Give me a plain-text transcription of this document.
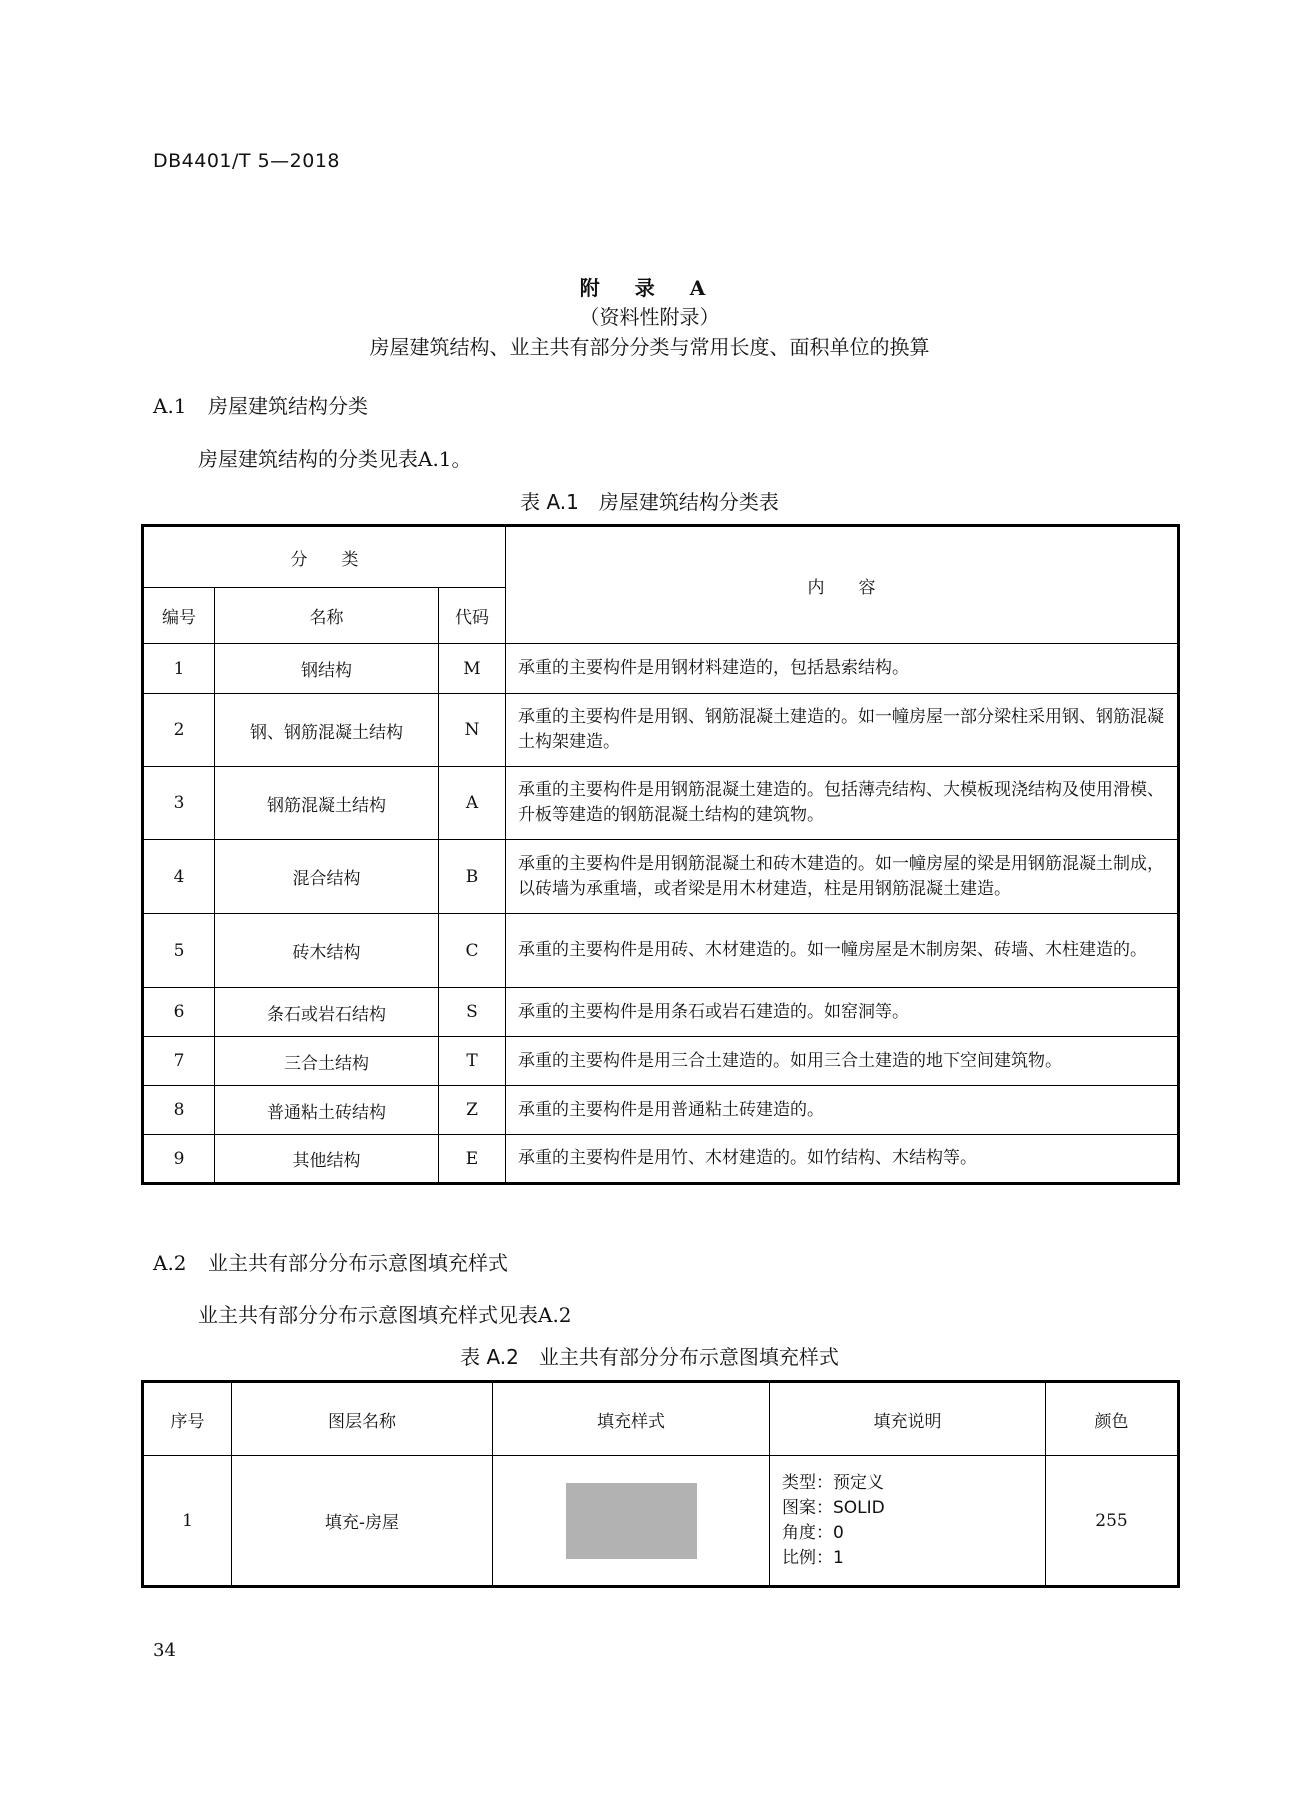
DB4401/T 5—2018
附 录 A
（资料性附录）
房屋建筑结构、业主共有部分分类与常用长度、面积单位的换算
A.1 房屋建筑结构分类
房屋建筑结构的分类见表A.1。
表 A.1　房屋建筑结构分类表
分　　类			内　　容
编号	名称	代码	
1	钢结构	M	承重的主要构件是用钢材料建造的，包括悬索结构。
2	钢、钢筋混凝土结构	N	承重的主要构件是用钢、钢筋混凝土建造的。如一幢房屋一部分梁柱采用钢、钢筋混凝土构架建造。
3	钢筋混凝土结构	A	承重的主要构件是用钢筋混凝土建造的。包括薄壳结构、大模板现浇结构及使用滑模、升板等建造的钢筋混凝土结构的建筑物。
4	混合结构	B	承重的主要构件是用钢筋混凝土和砖木建造的。如一幢房屋的梁是用钢筋混凝土制成，以砖墙为承重墙，或者梁是用木材建造，柱是用钢筋混凝土建造。
5	砖木结构	C	承重的主要构件是用砖、木材建造的。如一幢房屋是木制房架、砖墙、木柱建造的。
6	条石或岩石结构	S	承重的主要构件是用条石或岩石建造的。如窑洞等。
7	三合土结构	T	承重的主要构件是用三合土建造的。如用三合土建造的地下空间建筑物。
8	普通粘土砖结构	Z	承重的主要构件是用普通粘土砖建造的。
9	其他结构	E	承重的主要构件是用竹、木材建造的。如竹结构、木结构等。
A.2 业主共有部分分布示意图填充样式
业主共有部分分布示意图填充样式见表A.2
表 A.2　业主共有部分分布示意图填充样式
序号	图层名称	填充样式	填充说明	颜色
1	填充-房屋		类型：预定义
图案：SOLID
角度：0
比例：1	255
34
